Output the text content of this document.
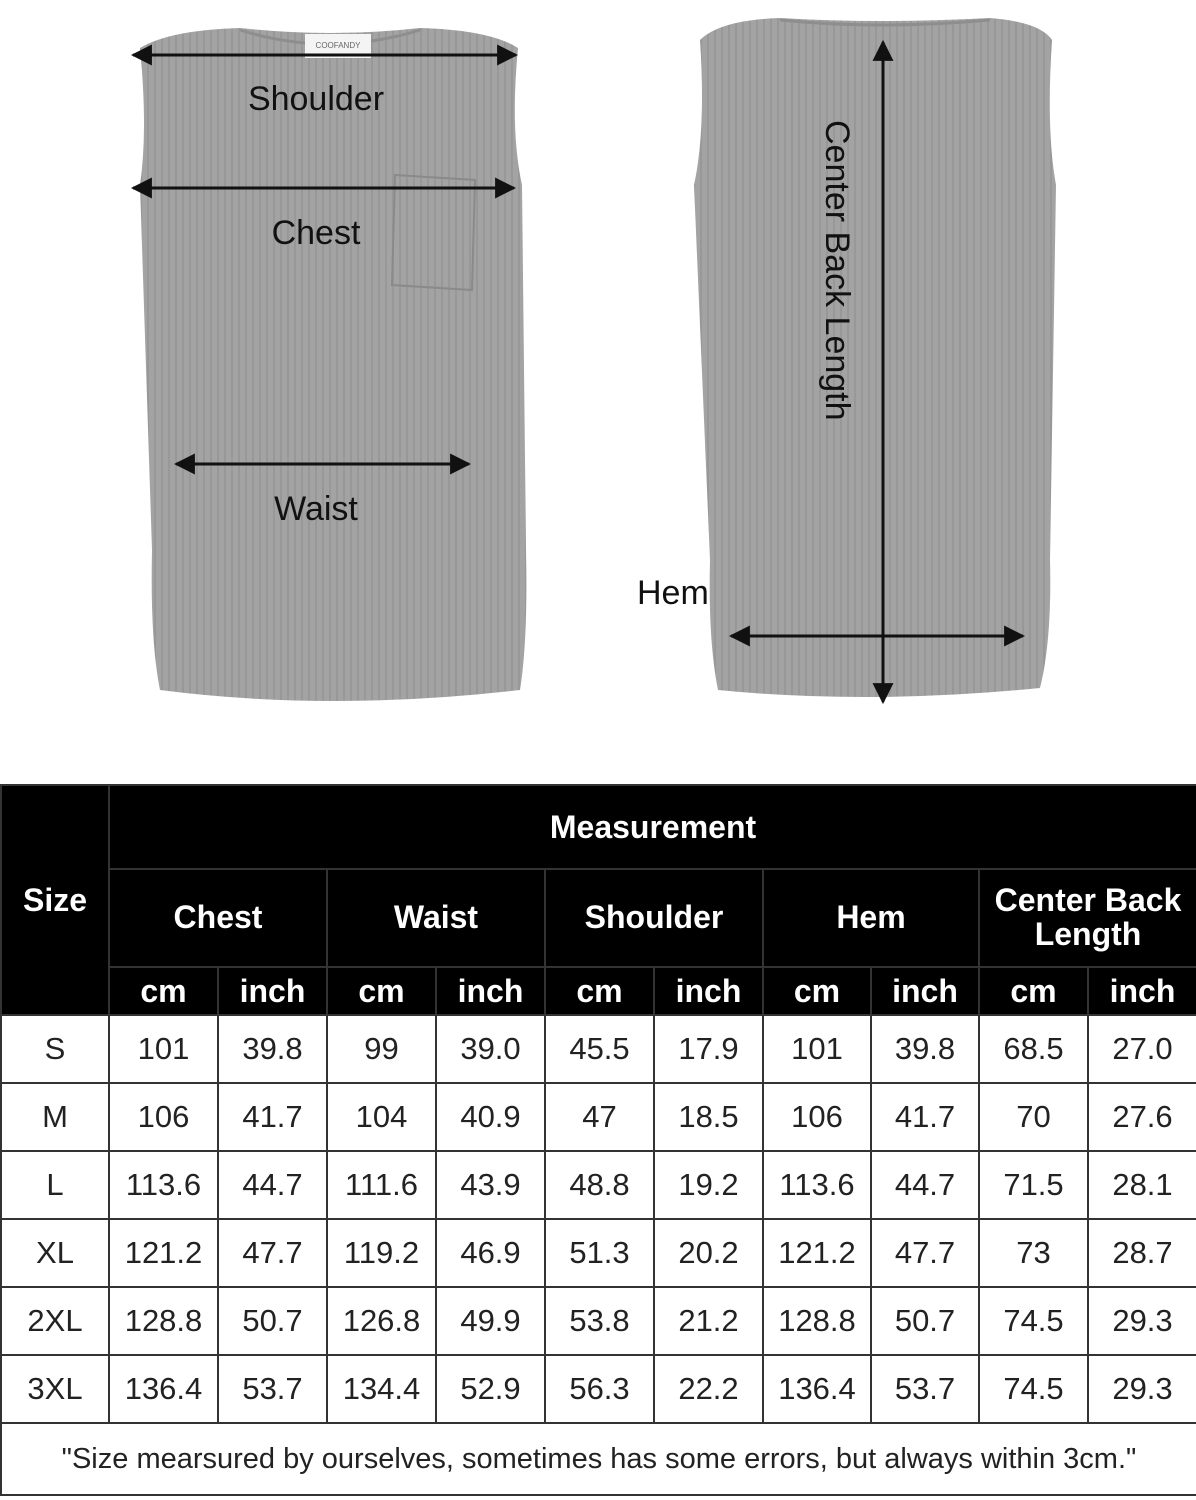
COOFANDY
Shoulder
Chest
Waist
Center Back Length
Hem
Size	Measurement									
	Chest		Waist		Shoulder		Hem		Center Back Length	
	cm	inch	cm	inch	cm	inch	cm	inch	cm	inch
S	101	39.8	99	39.0	45.5	17.9	101	39.8	68.5	27.0
M	106	41.7	104	40.9	47	18.5	106	41.7	70	27.6
L	113.6	44.7	111.6	43.9	48.8	19.2	113.6	44.7	71.5	28.1
XL	121.2	47.7	119.2	46.9	51.3	20.2	121.2	47.7	73	28.7
2XL	128.8	50.7	126.8	49.9	53.8	21.2	128.8	50.7	74.5	29.3
3XL	136.4	53.7	134.4	52.9	56.3	22.2	136.4	53.7	74.5	29.3
"Size mearsured by ourselves, sometimes has some errors, but always within 3cm."										
